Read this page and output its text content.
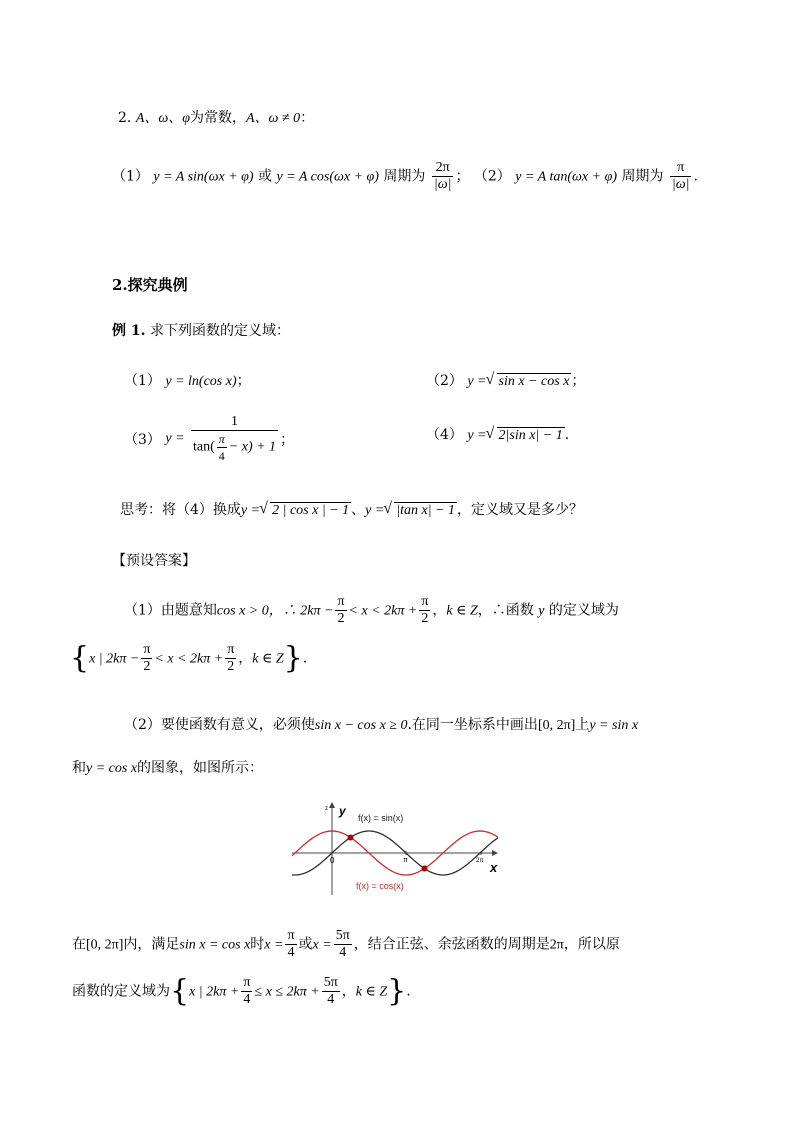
2. A、ω、φ为常数，A、ω ≠ 0：
（1） y = A sin(ωx + φ) 或 y = A cos(ωx + φ) 周期为 $\frac{2\pi}{|\omega|}$ ； （2） y = A tan(ωx + φ) 周期为 $\frac{\pi}{|\omega|}$ .
2.探究典例
例 1. 求下列函数的定义域：
（1） y = ln(cos x)；	（2） y = √ sin x − cos x ；
（3） $y = \frac{1}{\tan( \frac{\pi}{4} - x) + 1}$ ；	（4） y = √ 2|sin x| − 1 .
思考：将（4）换成y = √ 2 | cos x | − 1 、y = √ |tan x| − 1 ，定义域又是多少？
【预设答案】
（1）由题意知cos x > 0，∴ $2k\pi - \frac{\pi}{2} < x < 2k\pi + \frac{\pi}{2}$ ，k ∈ Z，∴函数 y 的定义域为
{x | $2k\pi - \frac{\pi}{2} < x < 2k\pi + \frac{\pi}{2}$ ，k ∈ Z}.
（2）要使函数有意义，必须使sin x − cos x ≥ 0.在同一坐标系中画出[0, 2π]上y = sin x
和y = cos x的图象，如图所示：
y
z
x
0	π	2π
f(x) = sin(x)
f(x) = cos(x)
在[0, 2π]内，满足sin x = cos x时$x = \frac{\pi}{4}$ 或$x = \frac{5\pi}{4}$ ，结合正弦、余弦函数的周期是2π，所以原
函数的定义域为{x | $2k\pi + \frac{\pi}{4} \le x \le 2k\pi + \frac{5\pi}{4}$ ，k ∈ Z}.
